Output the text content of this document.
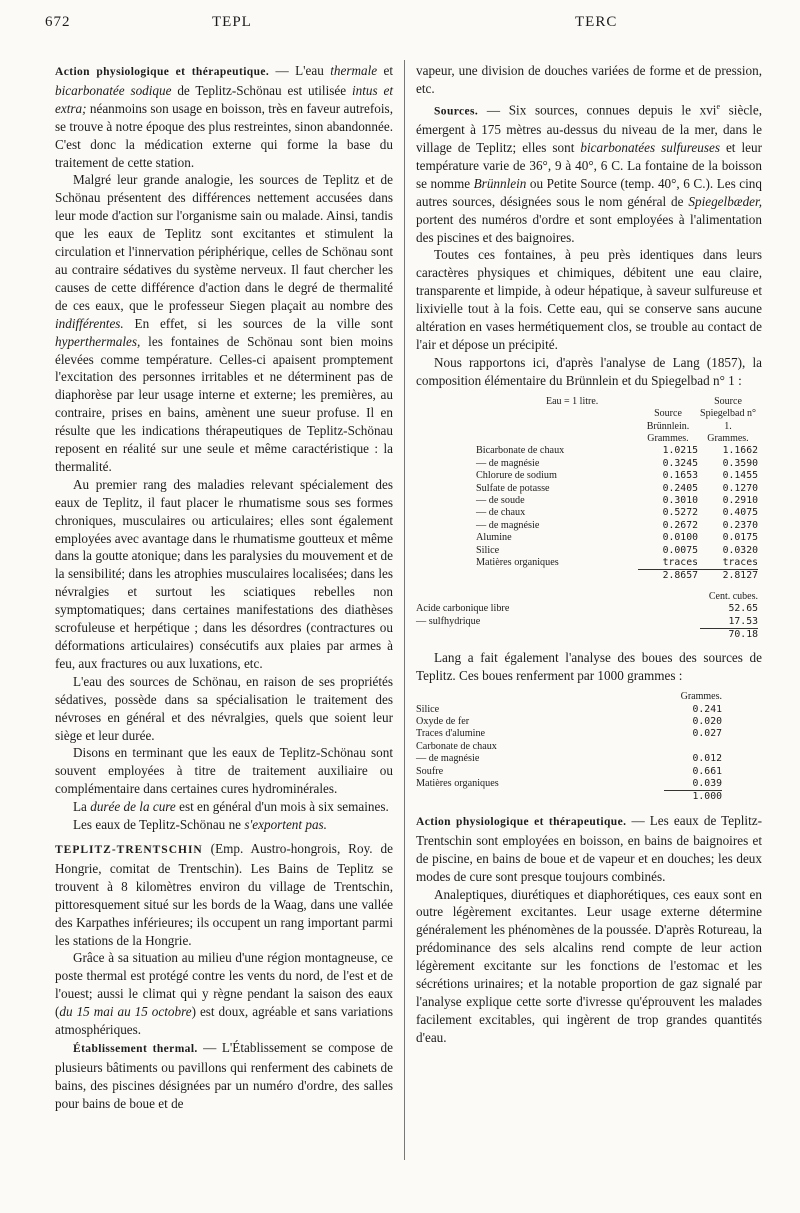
672	TEPL	TERC

Action physiologique et thérapeutique. — L'eau thermale et bicarbonatée sodique de Teplitz-Schönau est utilisée intus et extra; néanmoins son usage en boisson, très en faveur autrefois, se trouve à notre époque des plus restreintes, sinon abandonnée. C'est donc la médication externe qui forme la base du traitement de cette station.

Malgré leur grande analogie, les sources de Teplitz et de Schönau présentent des différences nettement accusées dans leur mode d'action sur l'organisme sain ou malade. Ainsi, tandis que les eaux de Teplitz sont excitantes et stimulent la circulation et l'innervation périphérique, celles de Schönau sont au contraire sédatives du système nerveux. Il faut chercher les causes de cette différence d'action dans le degré de thermalité de ces eaux, que le professeur Siegen plaçait au nombre des indifférentes. En effet, si les sources de la ville sont hyperthermales, les fontaines de Schönau sont bien moins élevées comme température. Celles-ci apaisent promptement l'excitation des personnes irritables et ne déterminent pas de diaphorèse par leur usage interne et externe; les premières, au contraire, prises en bains, amènent une sueur profuse. Il en résulte que les indications thérapeutiques de Teplitz-Schönau reposent en réalité sur une seule et même caractéristique : la thermalité.

Au premier rang des maladies relevant spécialement des eaux de Teplitz, il faut placer le rhumatisme sous ses formes chroniques, musculaires ou articulaires; elles sont également employées avec avantage dans le rhumatisme goutteux et même dans la goutte atonique; dans les paralysies du mouvement et de la sensibilité; dans les atrophies musculaires localisées; dans les névralgies et surtout les sciatiques rebelles non symptomatiques; dans certaines manifestations des diathèses scrofuleuse et herpétique ; dans les désordres (contractures ou déformations articulaires) consécutifs aux plaies par armes à feu, aux fractures ou aux luxations, etc.

L'eau des sources de Schönau, en raison de ses propriétés sédatives, possède dans sa spécialisation le traitement des névroses en général et des névralgies, quels que soient leur siège et leur durée.

Disons en terminant que les eaux de Teplitz-Schönau sont souvent employées à titre de traitement auxiliaire ou complémentaire dans certaines cures hydrominérales.

La durée de la cure est en général d'un mois à six semaines.

Les eaux de Teplitz-Schönau ne s'exportent pas.

TEPLITZ-TRENTSCHIN (Emp. Austro-hongrois, Roy. de Hongrie, comitat de Trentschin). Les Bains de Teplitz se trouvent à 8 kilomètres environ du village de Trentschin, pittoresquement situé sur les bords de la Waag, dans une vallée des Karpathes inférieures; ils occupent un rang important parmi les stations de la Hongrie.

Grâce à sa situation au milieu d'une région montagneuse, ce poste thermal est protégé contre les vents du nord, de l'est et de l'ouest; aussi le climat qui y règne pendant la saison des eaux (du 15 mai au 15 octobre) est doux, agréable et sans variations atmosphériques.

Établissement thermal. — L'Établissement se compose de plusieurs bâtiments ou pavillons qui renferment des cabinets de bains, des piscines désignées par un numéro d'ordre, des salles pour bains de boue et de

vapeur, une division de douches variées de forme et de pression, etc.

Sources. — Six sources, connues depuis le xvi$^e$ siècle, émergent à 175 mètres au-dessus du niveau de la mer, dans le village de Teplitz; elles sont bicarbonatées sulfureuses et leur température varie de 36°, 9 à 40°, 6 C. La fontaine de la boisson se nomme Brünnlein ou Petite Source (temp. 40°, 6 C.). Les cinq autres sources, désignées sous le nom général de Spiegelbæder, portent des numéros d'ordre et sont employées à l'alimentation des piscines et des baignoires.

Toutes ces fontaines, à peu près identiques dans leurs caractères physiques et chimiques, débitent une eau claire, transparente et limpide, à odeur hépatique, à saveur sulfureuse et lixivielle tout à la fois. Cette eau, qui se conserve sans aucune altération en vases hermétiquement clos, se trouble au contact de l'air et dépose un précipité.

Nous rapportons ici, d'après l'analyse de Lang (1857), la composition élémentaire du Brünnlein et du Spiegelbad n° 1 :

Eau = 1 litre.	Source Brünnlein.	Source Spiegelbad n° 1.
	Grammes.	Grammes.
Bicarbonate de chaux	1.0215	1.1662
— de magnésie	0.3245	0.3590
Chlorure de sodium	0.1653	0.1455
Sulfate de potasse	0.2405	0.1270
— de soude	0.3010	0.2910
— de chaux	0.5272	0.4075
— de magnésie	0.2672	0.2370
Alumine	0.0100	0.0175
Silice	0.0075	0.0320
Matières organiques	traces	traces
	2.8657	2.8127
		Cent. cubes.
Acide carbonique libre		52.65
— sulfhydrique		17.53
		70.18

Lang a fait également l'analyse des boues des sources de Teplitz. Ces boues renferment par 1000 grammes :

	Grammes.
Silice	0.241
Oxyde de fer	0.020
Traces d'alumine	0.027
Carbonate de chaux	
— de magnésie	0.012
Soufre	0.661
Matières organiques	0.039
	1.000

Action physiologique et thérapeutique. — Les eaux de Teplitz-Trentschin sont employées en boisson, en bains de baignoires et de piscine, en bains de boue et de vapeur et en douches; les deux modes de cure sont presque toujours combinés.

Analeptiques, diurétiques et diaphorétiques, ces eaux sont en outre légèrement excitantes. Leur usage externe détermine généralement les phénomènes de la poussée. D'après Rotureau, la prédominance des sels alcalins rend compte de leur action légèrement excitante sur les fonctions de l'estomac et les sécrétions urinaires; et la notable proportion de gaz signalé par l'analyse explique cette sorte d'ivresse qu'éprouvent les malades facilement excitables, qui ingèrent de trop grandes quantités d'eau.
